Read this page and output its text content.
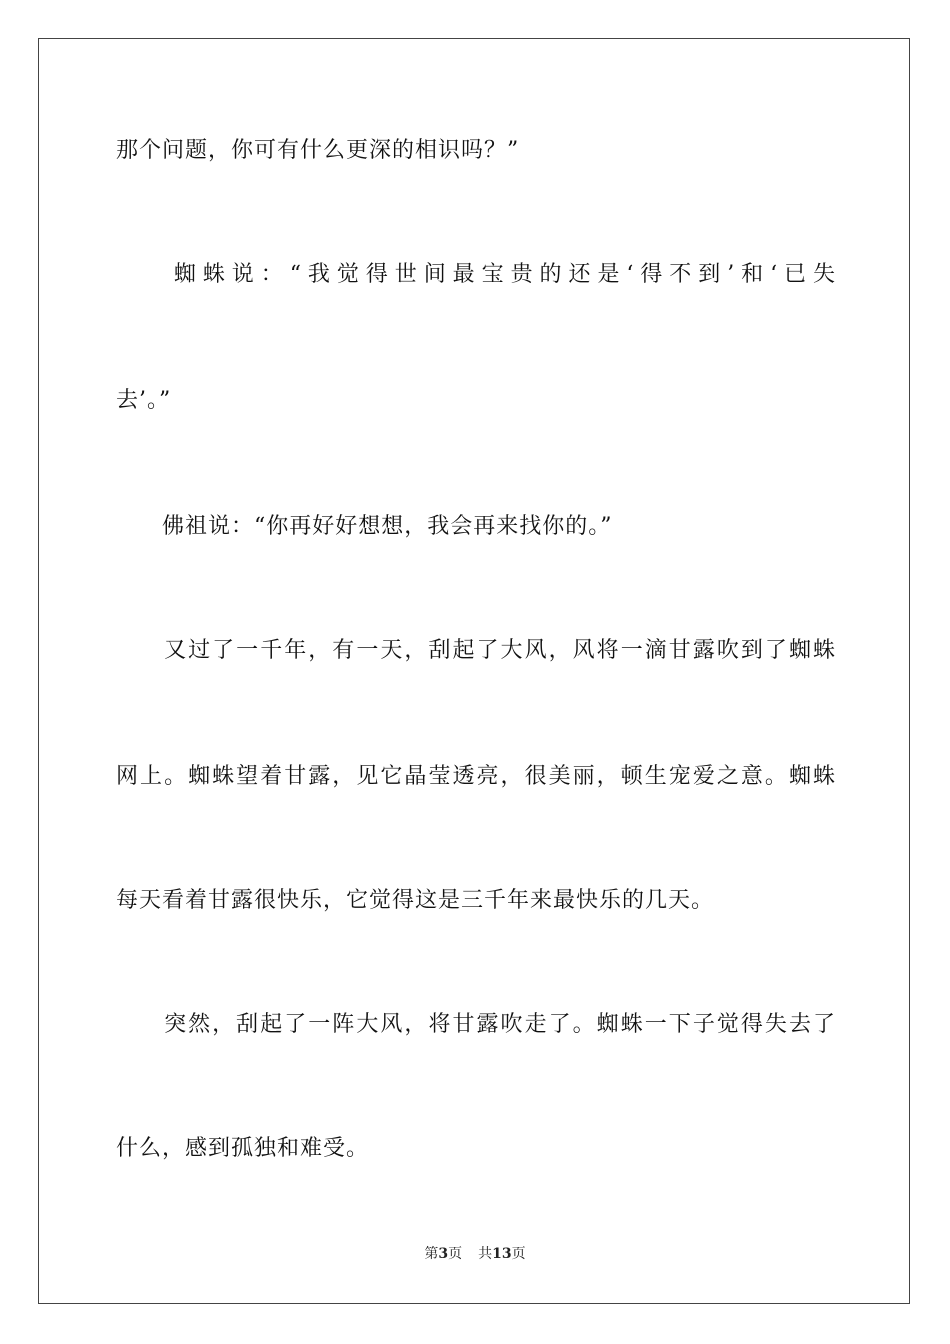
那个问题，你可有什么更深的相识吗？”
　　蜘蛛说：“我觉得世间最宝贵的还是‘得不到’和‘已失
去’。”
　　佛祖说：“你再好好想想，我会再来找你的。”
　　又过了一千年，有一天，刮起了大风，风将一滴甘露吹到了蜘蛛
网上。蜘蛛望着甘露，见它晶莹透亮，很美丽，顿生宠爱之意。蜘蛛
每天看着甘露很快乐，它觉得这是三千年来最快乐的几天。
　　突然，刮起了一阵大风，将甘露吹走了。蜘蛛一下子觉得失去了
什么，感到孤独和难受。
第3页 共13页
